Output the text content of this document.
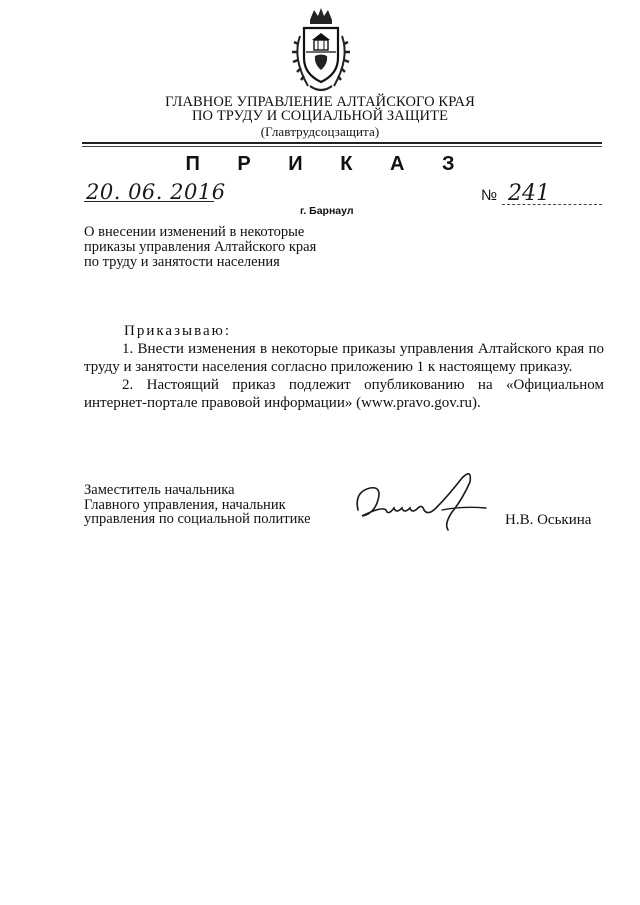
ГЛАВНОЕ УПРАВЛЕНИЕ АЛТАЙСКОГО КРАЯ
ПО ТРУДУ И СОЦИАЛЬНОЙ ЗАЩИТЕ
(Главтрудсоцзащита)
П Р И К А З
20. 06. 2016
г. Барнаул
№ 241
О внесении изменений в некоторые
приказы управления Алтайского края
по труду и занятости населения
Приказываю:
1. Внести изменения в некоторые приказы управления Алтайского края по труду и занятости населения согласно приложению 1 к настоящему приказу.
2. Настоящий приказ подлежит опубликованию на «Официальном интернет-портале правовой информации» (www.pravo.gov.ru).
Заместитель начальника
Главного управления, начальник
управления по социальной политике	Н.В. Оськина
